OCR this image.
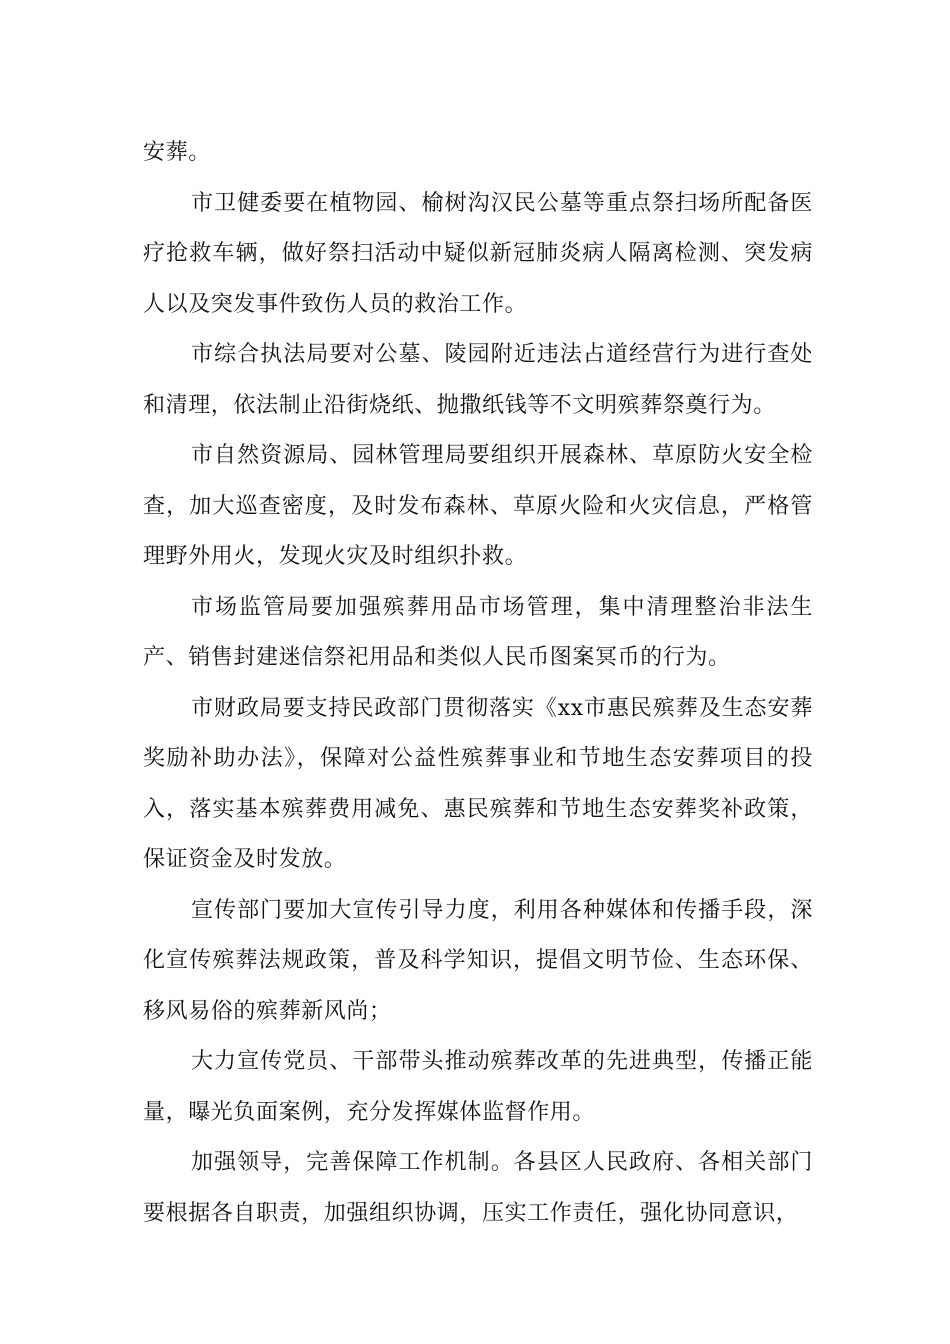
安葬。

市卫健委要在植物园、榆树沟汉民公墓等重点祭扫场所配备医疗抢救车辆，做好祭扫活动中疑似新冠肺炎病人隔离检测、突发病人以及突发事件致伤人员的救治工作。

市综合执法局要对公墓、陵园附近违法占道经营行为进行查处和清理，依法制止沿街烧纸、抛撒纸钱等不文明殡葬祭奠行为。

市自然资源局、园林管理局要组织开展森林、草原防火安全检查，加大巡查密度，及时发布森林、草原火险和火灾信息，严格管理野外用火，发现火灾及时组织扑救。

市场监管局要加强殡葬用品市场管理，集中清理整治非法生产、销售封建迷信祭祀用品和类似人民币图案冥币的行为。

市财政局要支持民政部门贯彻落实《xx市惠民殡葬及生态安葬奖励补助办法》，保障对公益性殡葬事业和节地生态安葬项目的投入，落实基本殡葬费用减免、惠民殡葬和节地生态安葬奖补政策，保证资金及时发放。

宣传部门要加大宣传引导力度，利用各种媒体和传播手段，深化宣传殡葬法规政策，普及科学知识，提倡文明节俭、生态环保、移风易俗的殡葬新风尚；

大力宣传党员、干部带头推动殡葬改革的先进典型，传播正能量，曝光负面案例，充分发挥媒体监督作用。

加强领导，完善保障工作机制。各县区人民政府、各相关部门要根据各自职责，加强组织协调，压实工作责任，强化协同意识，
